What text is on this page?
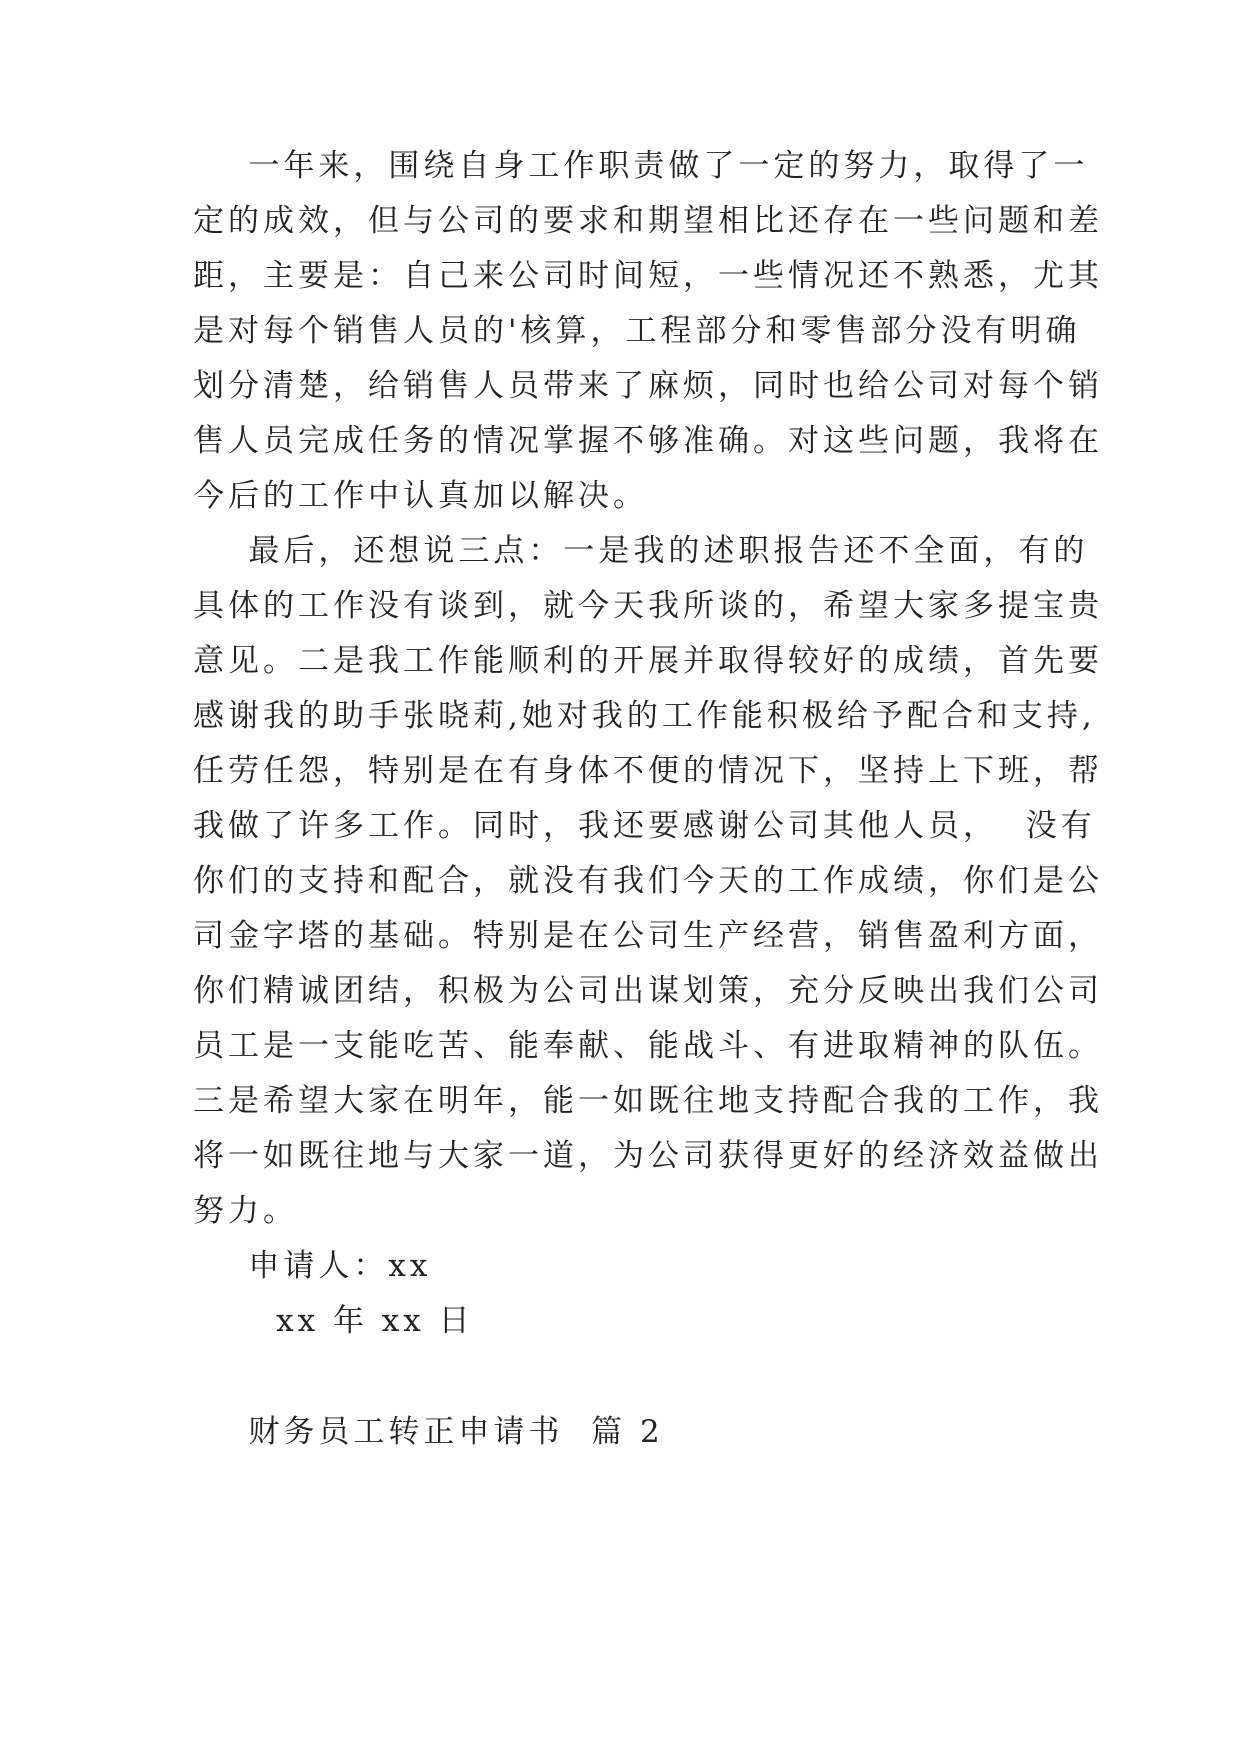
一年来，围绕自身工作职责做了一定的努力，取得了一
定的成效，但与公司的要求和期望相比还存在一些问题和差
距，主要是：自己来公司时间短，一些情况还不熟悉，尤其
是对每个销售人员的'核算，工程部分和零售部分没有明确
划分清楚，给销售人员带来了麻烦，同时也给公司对每个销
售人员完成任务的情况掌握不够准确。对这些问题，我将在
今后的工作中认真加以解决。
最后，还想说三点：一是我的述职报告还不全面，有的
具体的工作没有谈到，就今天我所谈的，希望大家多提宝贵
意见。二是我工作能顺利的开展并取得较好的成绩，首先要
感谢我的助手张晓莉,她对我的工作能积极给予配合和支持,
任劳任怨，特别是在有身体不便的情况下，坚持上下班，帮
我做了许多工作。同时，我还要感谢公司其他人员，  没有
你们的支持和配合，就没有我们今天的工作成绩，你们是公
司金字塔的基础。特别是在公司生产经营，销售盈利方面，
你们精诚团结，积极为公司出谋划策，充分反映出我们公司
员工是一支能吃苦、能奉献、能战斗、有进取精神的队伍。
三是希望大家在明年，能一如既往地支持配合我的工作，我
将一如既往地与大家一道，为公司获得更好的经济效益做出
努力。
申请人：xx
xx 年 xx 日
财务员工转正申请书  篇 2
